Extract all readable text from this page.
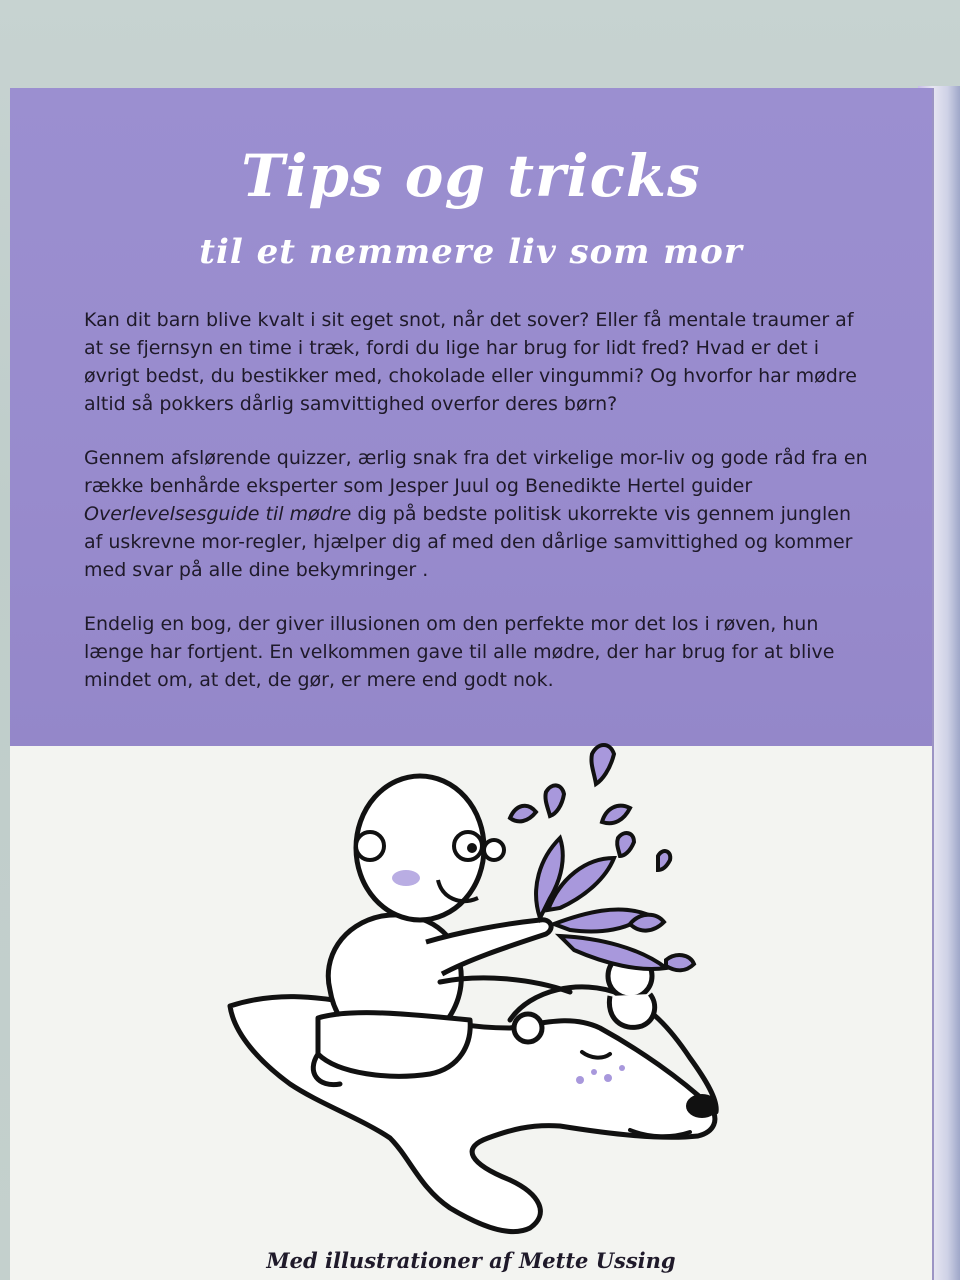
Tips og tricks
til et nemmere liv som mor

Kan dit barn blive kvalt i sit eget snot, når det sover? Eller få mentale traumer af at se fjernsyn en time i træk, fordi du lige har brug for lidt fred? Hvad er det i øvrigt bedst, du bestikker med, chokolade eller vingummi? Og hvorfor har mødre altid så pokkers dårlig samvittighed overfor deres børn?

Gennem afslørende quizzer, ærlig snak fra det virkelige mor-liv og gode råd fra en række benhårde eksperter som Jesper Juul og Benedikte Hertel guider Overlevelsesguide til mødre dig på bedste politisk ukorrekte vis gennem junglen af uskrevne mor-regler, hjælper dig af med den dårlige samvittighed og kommer med svar på alle dine bekymringer .

Endelig en bog, der giver illusionen om den perfekte mor det los i røven, hun længe har fortjent. En velkommen gave til alle mødre, der har brug for at blive mindet om, at det, de gør, er mere end godt nok.

Med illustrationer af Mette Ussing
